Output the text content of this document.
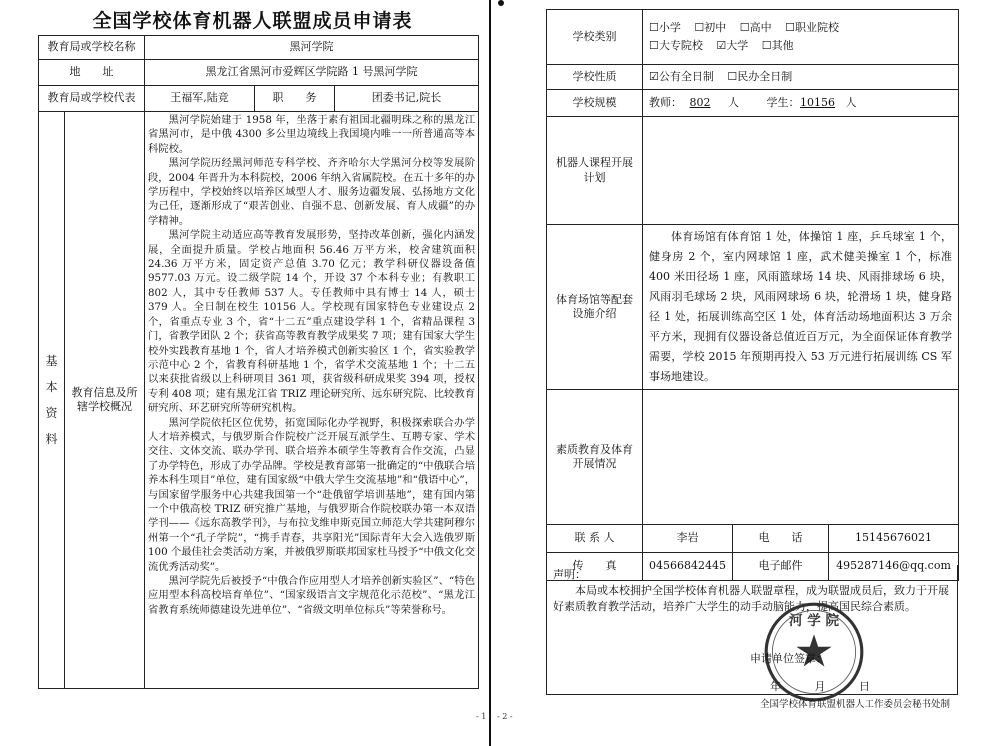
全国学校体育机器人联盟成员申请表
教育局或学校名称		黑河学院		
地　　址		黑龙江省黑河市爱辉区学院路 1 号黑河学院		
教育局或学校代表		王福军,陆竞	职　　务	团委书记,院长
基本资料	教育信息及所辖学校概况	黑河学院始建于 1958 年，坐落于素有祖国北疆明珠之称的黑龙江省黑河市，是中俄 4300 多公里边境线上我国境内唯一一所普通高等本科院校。

黑河学院历经黑河师范专科学校、齐齐哈尔大学黑河分校等发展阶段，2004 年晋升为本科院校，2006 年纳入省属院校。在五十多年的办学历程中，学校始终以培养区域型人才、服务边疆发展、弘扬地方文化为己任，逐渐形成了“艰苦创业、自强不息、创新发展、育人成疆”的办学精神。

黑河学院主动适应高等教育发展形势，坚持改革创新，强化内涵发展，全面提升质量。学校占地面积 56.46 万平方米，校舍建筑面积 24.36 万平方米，固定资产总值 3.70 亿元；教学科研仪器设备值 9577.03 万元。设二级学院 14 个，开设 37 个本科专业；有教职工 802 人，其中专任教师 537 人。专任教师中具有博士 14 人，硕士 379 人。全日制在校生 10156 人。学校现有国家特色专业建设点 2 个，省重点专业 3 个，省“十二五”重点建设学科 1 个，省精品课程 3 门，省教学团队 2 个；获省高等教育教学成果奖 7 项；建有国家大学生校外实践教育基地 1 个，省人才培养模式创新实验区 1 个，省实验教学示范中心 2 个，省教育科研基地 1 个，省学术交流基地 1 个；十二五以来获批省级以上科研项目 361 项，获省级科研成果奖 394 项，授权专利 408 项；建有黑龙江省 TRIZ 理论研究所、远东研究院、比较教育研究所、环艺研究所等研究机构。

黑河学院依托区位优势，拓宽国际化办学视野，积极探索联合办学人才培养模式，与俄罗斯合作院校广泛开展互派学生、互聘专家、学术交往、文体交流、联办学刊、联合培养本硕学生等教育合作交流，凸显了办学特色，形成了办学品牌。学校是教育部第一批确定的“中俄联合培养本科生项目”单位，建有国家级“中俄大学生交流基地”和“俄语中心”，与国家留学服务中心共建我国第一个“赴俄留学培训基地”，建有国内第一个中俄高校 TRIZ 研究推广基地，与俄罗斯合作院校联办第一本双语学刊——《远东高教学刊》，与布拉戈维申斯克国立师范大学共建阿穆尔州第一个“孔子学院”，“携手青春，共享阳光”国际青年大会入选俄罗斯 100 个最佳社会类活动方案，并被俄罗斯联邦国家杜马授予“中俄文化交流优秀活动奖”。

黑河学院先后被授予“中俄合作应用型人才培养创新实验区”、“特色应用型本科高校培育单位”、“国家级语言文字规范化示范校”、“黑龙江省教育系统师德建设先进单位”、“省级文明单位标兵”等荣誉称号。		

- 1 - - 2 -
学校类别	☐小学 ☐初中 ☐高中 ☐职业院校
☐大专院校 ☑大学 ☐其他		

学校性质	☑公有全日制 ☐民办全日制		
学校规模	教师： 802 人 学生：10156 人		
机器人课程开展计划			
体育场馆等配套设施介绍	体育场馆有体育馆 1 处，体操馆 1 座，乒乓球室 1 个，健身房 2 个，室内网球馆 1 座，武术健美操室 1 个，标准 400 米田径场 1 座，风雨篮球场 14 块、风雨排球场 6 块，风雨羽毛球场 2 块，风雨网球场 6 块，轮滑场 1 块，健身路径 1 处，拓展训练高空区 1 处，体育活动场地面积达 3 万余平方米，现拥有仪器设备总值近百万元，为全面保证体育教学需要，学校 2015 年预期再投入 53 万元进行拓展训练 CS 军事场地建设。		
素质教育及体育开展情况			
联 系 人	李岩	电　　话	15145676021
传　　真	04566842445	电子邮件	495287146@qq.com
声明：
本局或本校拥护全国学校体育机器人联盟章程，成为联盟成员后，致力于开展好素质教育教学活动，培养广大学生的动手动脑能力，提高国民综合素质。
河 学 院
申请单位签章：
年 月 日
全国学校体育联盟机器人工作委员会秘书处制
